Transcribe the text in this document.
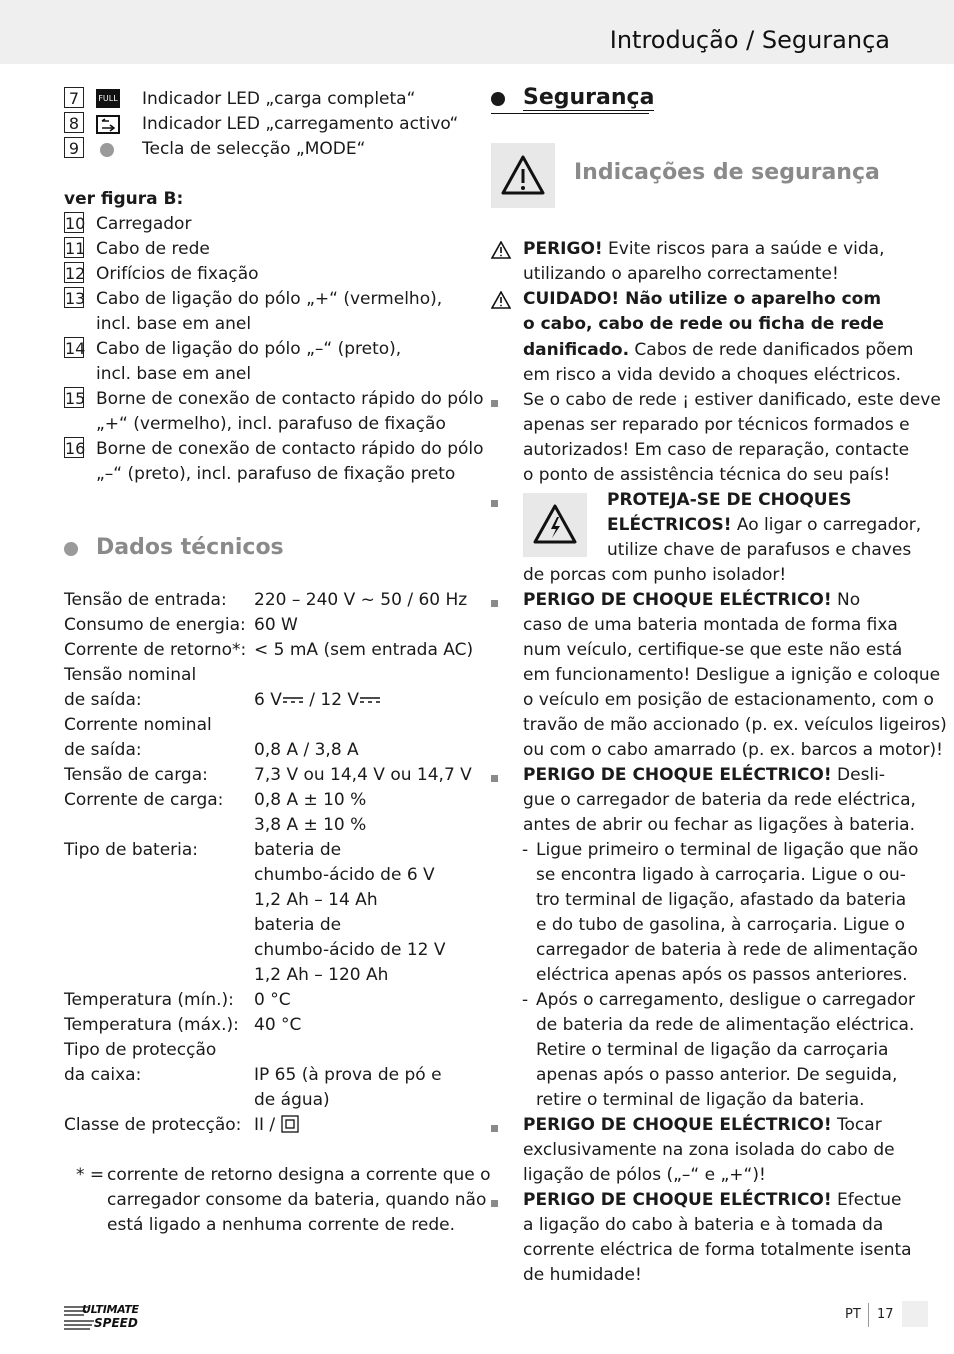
Introdução / Segurança
7 FULL Indicador LED „carga completa“
8	Indicador LED „carregamento activo“
9	Tecla de selecção „MODE“
ver figura B:
10 Carregador
11 Cabo de rede
12 Orifícios de fixação
13 Cabo de ligação do pólo „+“ (vermelho),
incl. base em anel
14 Cabo de ligação do pólo „–“ (preto),
incl. base em anel
15 Borne de conexão de contacto rápido do pólo
„+“ (vermelho), incl. parafuso de fixação
16 Borne de conexão de contacto rápido do pólo
„–“ (preto), incl. parafuso de fixação preto
Dados técnicos
Tensão de entrada: 220 – 240 V ~ 50 / 60 Hz
Consumo de energia: 60 W
Corrente de retorno*: < 5 mA (sem entrada AC)
Tensão nominal
de saída:	6 V / 12 V
Corrente nominal
de saída:	0,8 A / 3,8 A
Tensão de carga:	7,3 V ou 14,4 V ou 14,7 V
Corrente de carga: 0,8 A ± 10 %
3,8 A ± 10 %
Tipo de bateria:	bateria de
chumbo-ácido de 6 V
1,2 Ah – 14 Ah
bateria de
chumbo-ácido de 12 V
1,2 Ah – 120 Ah
Temperatura (mín.): 0 °C
Temperatura (máx.): 40 °C
Tipo de protecção
da caixa:	IP 65 (à prova de pó e
de água)
Classe de protecção: II /
* = corrente de retorno designa a corrente que o
carregador consome da bateria, quando não
está ligado a nenhuma corrente de rede.
Segurança
Indicações de segurança
PERIGO! Evite riscos para a saúde e vida,
utilizando o aparelho correctamente!
CUIDADO! Não utilize o aparelho com
o cabo, cabo de rede ou ficha de rede
danificado. Cabos de rede danificados põem
em risco a vida devido a choques eléctricos.
Se o cabo de rede ¡ estiver danificado, este deve
apenas ser reparado por técnicos formados e
autorizados! Em caso de reparação, contacte
o ponto de assistência técnica do seu país!
PROTEJA-SE DE CHOQUES
ELÉCTRICOS! Ao ligar o carregador,
utilize chave de parafusos e chaves
de porcas com punho isolador!
PERIGO DE CHOQUE ELÉCTRICO! No
caso de uma bateria montada de forma fixa
num veículo, certifique-se que este não está
em funcionamento! Desligue a ignição e coloque
o veículo em posição de estacionamento, com o
travão de mão accionado (p. ex. veículos ligeiros)
ou com o cabo amarrado (p. ex. barcos a motor)!
PERIGO DE CHOQUE ELÉCTRICO! Desli-
gue o carregador de bateria da rede eléctrica,
antes de abrir ou fechar as ligações à bateria.
- Ligue primeiro o terminal de ligação que não
se encontra ligado à carroçaria. Ligue o ou-
tro terminal de ligação, afastado da bateria
e do tubo de gasolina, à carroçaria. Ligue o
carregador de bateria à rede de alimentação
eléctrica apenas após os passos anteriores.
- Após o carregamento, desligue o carregador
de bateria da rede de alimentação eléctrica.
Retire o terminal de ligação da carroçaria
apenas após o passo anterior. De seguida,
retire o terminal de ligação da bateria.
PERIGO DE CHOQUE ELÉCTRICO! Tocar
exclusivamente na zona isolada do cabo de
ligação de pólos („–“ e „+“)!
PERIGO DE CHOQUE ELÉCTRICO! Efectue
a ligação do cabo à bateria e à tomada da
corrente eléctrica de forma totalmente isenta
de humidade!
ULTIMATE
SPEED
PT 17
